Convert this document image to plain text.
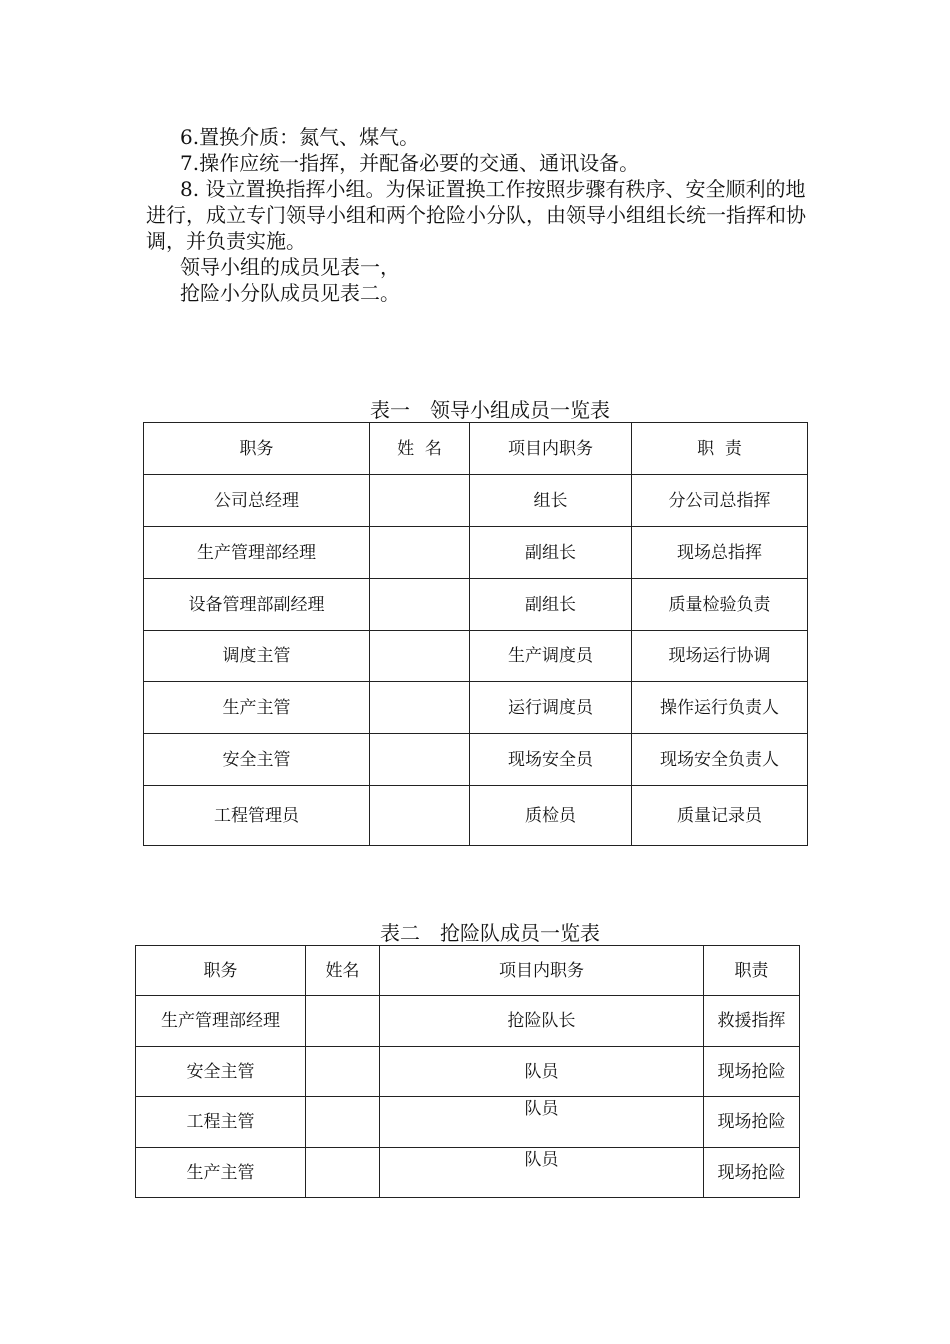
6.置换介质：氮气、煤气。

7.操作应统一指挥，并配备必要的交通、通讯设备。

8. 设立置换指挥小组。为保证置换工作按照步骤有秩序、安全顺利的地进行，成立专门领导小组和两个抢险小分队，由领导小组组长统一指挥和协调，并负责实施。

领导小组的成员见表一，

抢险小分队成员见表二。

表一　领导小组成员一览表
职务	姓  名	项目内职务	职  责
公司总经理		组长	分公司总指挥
生产管理部经理		副组长	现场总指挥
设备管理部副经理		副组长	质量检验负责
调度主管		生产调度员	现场运行协调
生产主管		运行调度员	操作运行负责人
安全主管		现场安全员	现场安全负责人
工程管理员		质检员	质量记录员
表二　抢险队成员一览表
职务	姓名	项目内职务	职责
生产管理部经理		抢险队长	救援指挥
安全主管		队员	现场抢险
工程主管		队员	现场抢险
生产主管		队员	现场抢险
